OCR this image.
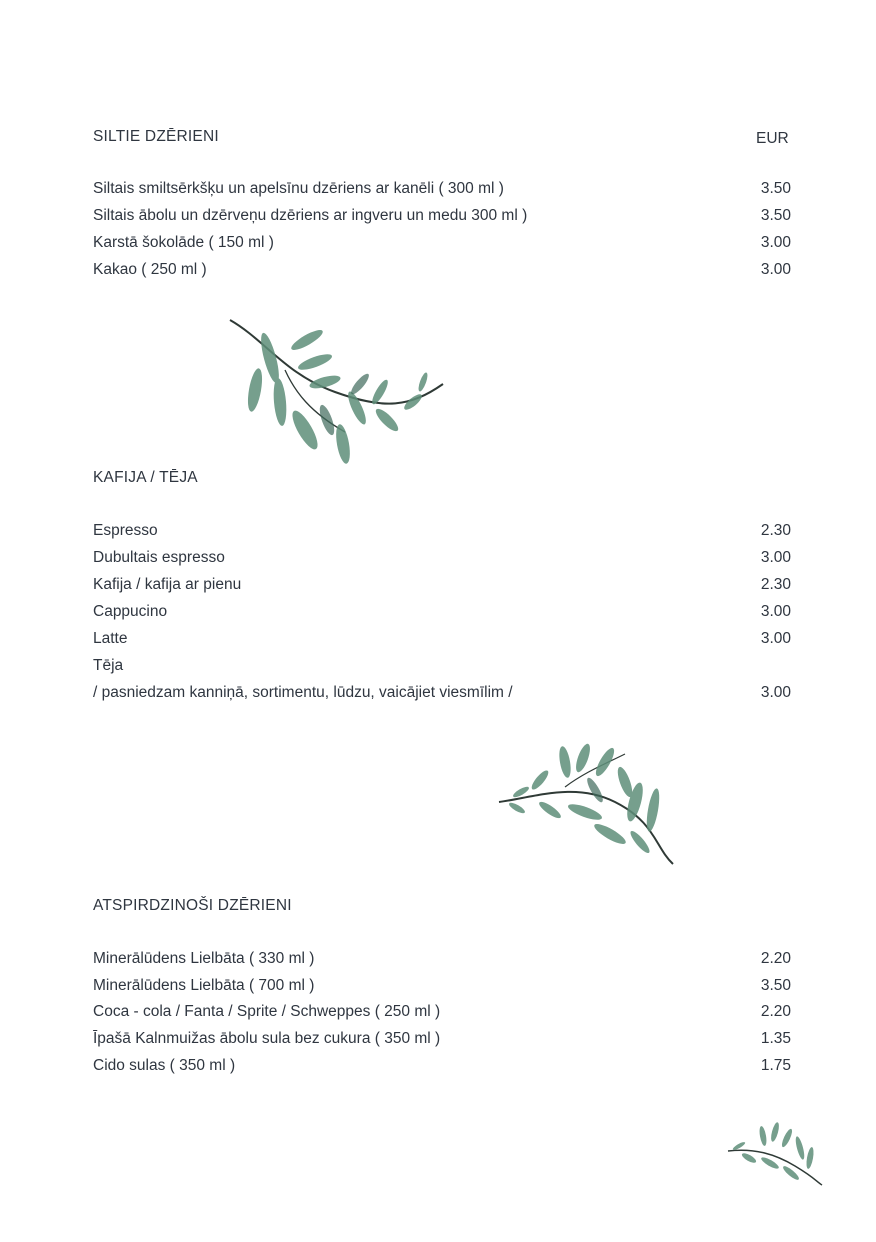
SILTIE DZĒRIENI	EUR
Siltais smiltsērkšķu un apelsīnu dzēriens ar kanēli ( 300 ml )	3.50
Siltais ābolu un dzērveņu dzēriens ar ingveru un medu 300 ml )	3.50
Karstā šokolāde ( 150 ml )	3.00
Kakao ( 250 ml )	3.00
KAFIJA / TĒJA
Espresso	2.30
Dubultais espresso	3.00
Kafija / kafija ar pienu	2.30
Cappucino	3.00
Latte	3.00
Tēja
/ pasniedzam kanniņā, sortimentu, lūdzu, vaicājiet viesmīlim /	3.00
ATSPIRDZINOŠI DZĒRIENI
Minerālūdens Lielbāta ( 330 ml )	2.20
Minerālūdens Lielbāta ( 700 ml )	3.50
Coca - cola / Fanta / Sprite / Schweppes ( 250 ml )	2.20
Īpašā Kalnmuižas ābolu sula bez cukura ( 350 ml )	1.35
Cido sulas ( 350 ml )	1.75
